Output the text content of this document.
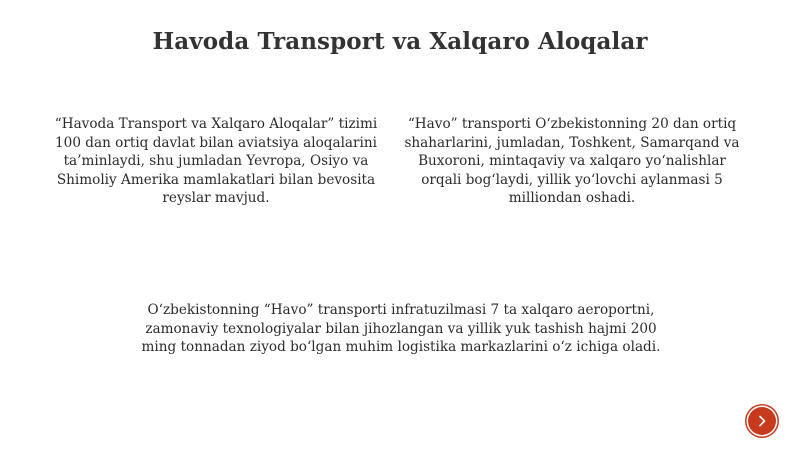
Havoda Transport va Xalqaro Aloqalar

“Havoda Transport va Xalqaro Aloqalar” tizimi 100 dan ortiq davlat bilan aviatsiya aloqalarini ta’minlaydi, shu jumladan Yevropa, Osiyo va Shimoliy Amerika mamlakatlari bilan bevosita reyslar mavjud.

“Havo” transporti O‘zbekistonning 20 dan ortiq shaharlarini, jumladan, Toshkent, Samarqand va Buxoroni, mintaqaviy va xalqaro yo‘nalishlar orqali bog‘laydi, yillik yo‘lovchi aylanmasi 5 milliondan oshadi.

O‘zbekistonning “Havo” transporti infratuzilmasi 7 ta xalqaro aeroportni, zamonaviy texnologiyalar bilan jihozlangan va yillik yuk tashish hajmi 200 ming tonnadan ziyod bo‘lgan muhim logistika markazlarini o‘z ichiga oladi.
